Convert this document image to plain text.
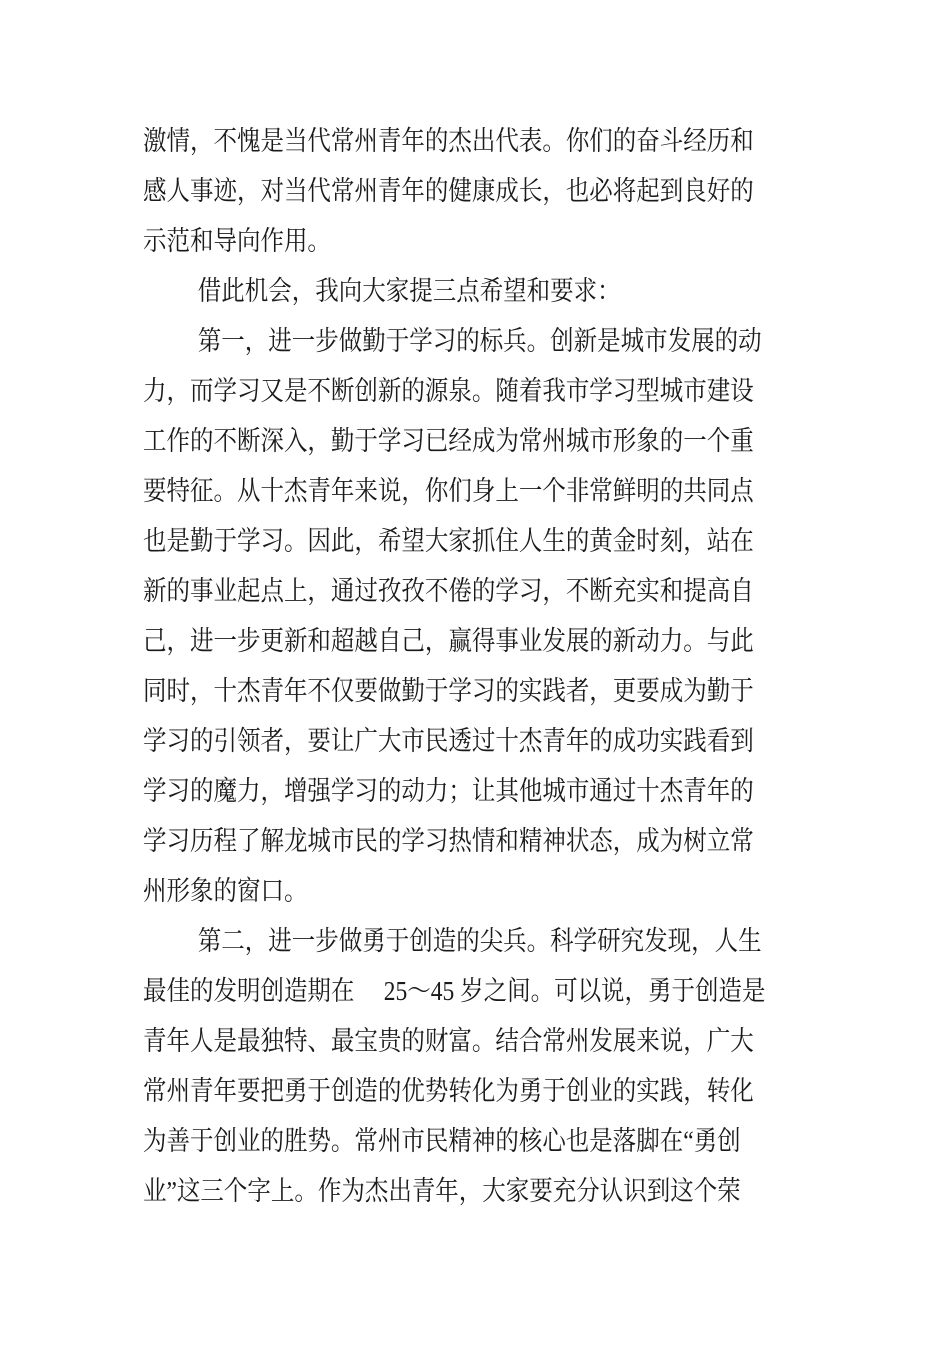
激情，不愧是当代常州青年的杰出代表。你们的奋斗经历和
感人事迹，对当代常州青年的健康成长，也必将起到良好的
示范和导向作用。
借此机会，我向大家提三点希望和要求：
第一，进一步做勤于学习的标兵。创新是城市发展的动
力，而学习又是不断创新的源泉。随着我市学习型城市建设
工作的不断深入，勤于学习已经成为常州城市形象的一个重
要特征。从十杰青年来说，你们身上一个非常鲜明的共同点
也是勤于学习。因此，希望大家抓住人生的黄金时刻，站在
新的事业起点上，通过孜孜不倦的学习，不断充实和提高自
己，进一步更新和超越自己，赢得事业发展的新动力。与此
同时，十杰青年不仅要做勤于学习的实践者，更要成为勤于
学习的引领者，要让广大市民透过十杰青年的成功实践看到
学习的魔力，增强学习的动力；让其他城市通过十杰青年的
学习历程了解龙城市民的学习热情和精神状态，成为树立常
州形象的窗口。
第二，进一步做勇于创造的尖兵。科学研究发现，人生
最佳的发明创造期在　 25～45 岁之间。可以说，勇于创造是
青年人是最独特、最宝贵的财富。结合常州发展来说，广大
常州青年要把勇于创造的优势转化为勇于创业的实践，转化
为善于创业的胜势。常州市民精神的核心也是落脚在“勇创
业”这三个字上。作为杰出青年，大家要充分认识到这个荣
